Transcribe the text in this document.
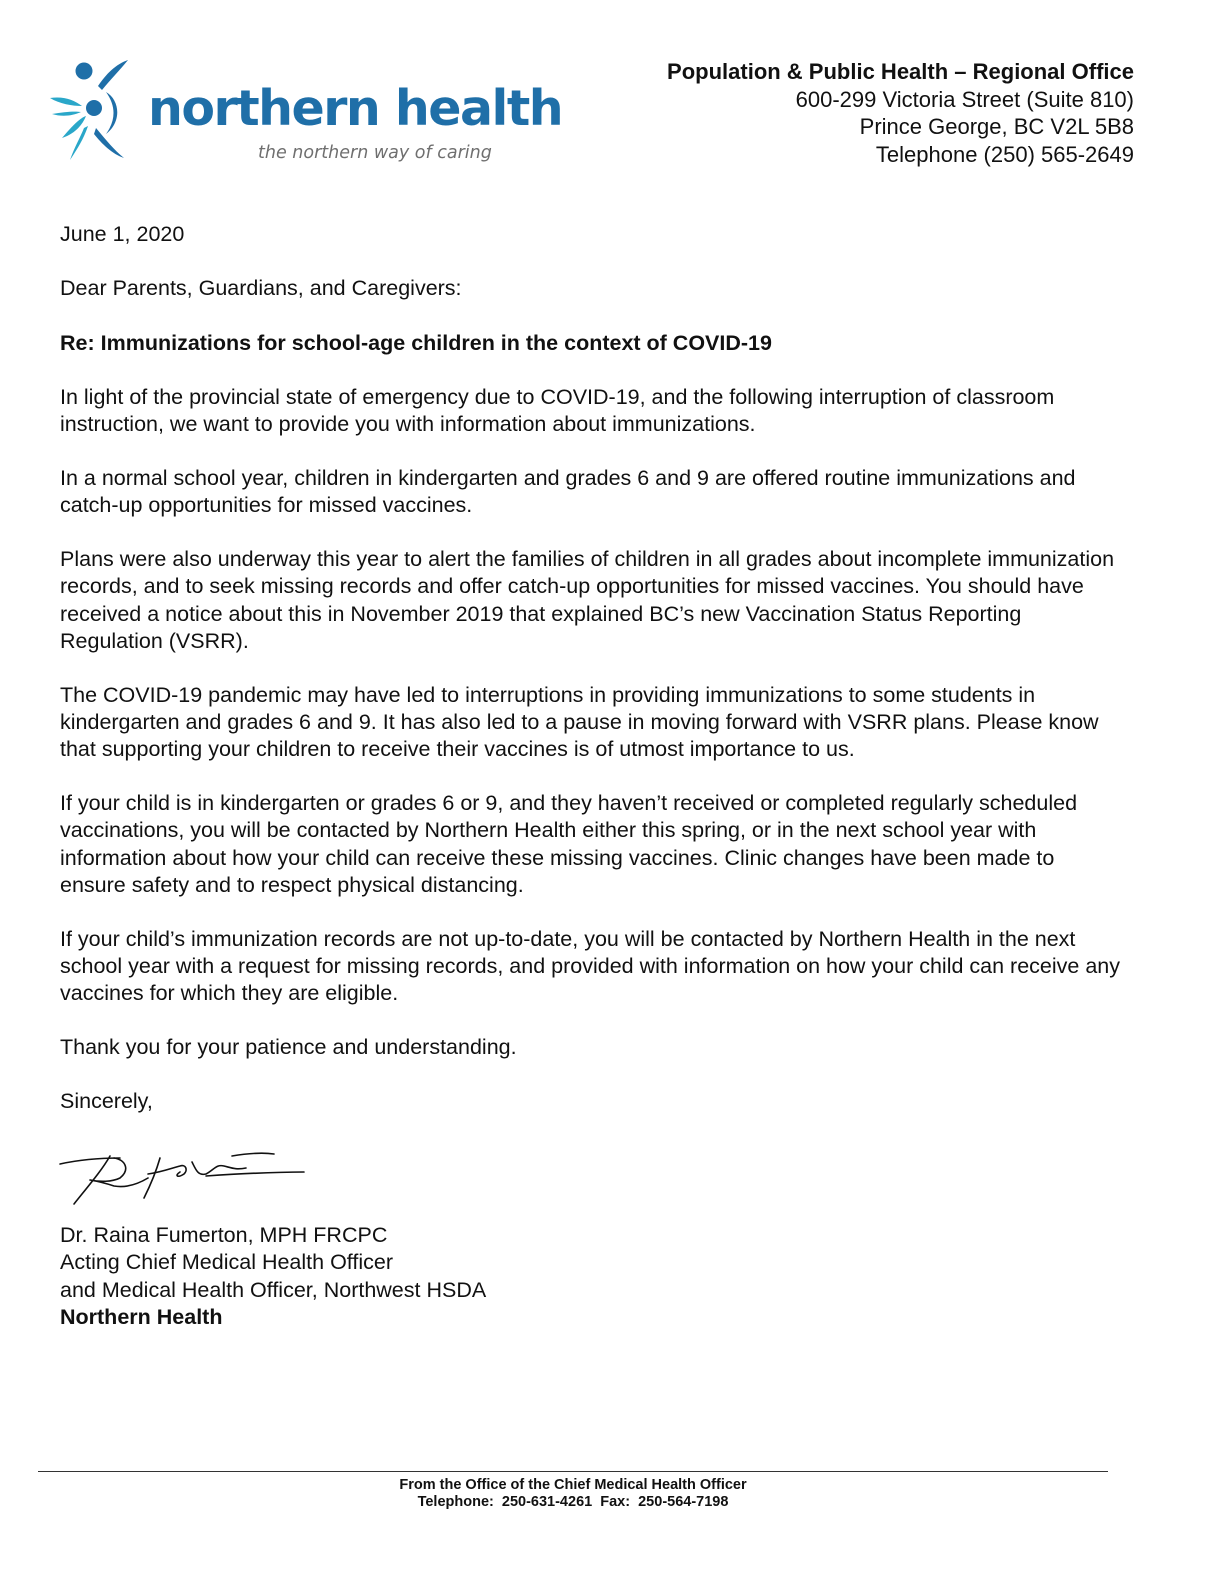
northern health
the northern way of caring
Population & Public Health – Regional Office
600-299 Victoria Street (Suite 810)
Prince George, BC V2L 5B8
Telephone (250) 565-2649

June 1, 2020

Dear Parents, Guardians, and Caregivers:

Re: Immunizations for school-age children in the context of COVID-19

In light of the provincial state of emergency due to COVID-19, and the following interruption of classroom instruction, we want to provide you with information about immunizations.

In a normal school year, children in kindergarten and grades 6 and 9 are offered routine immunizations and catch-up opportunities for missed vaccines.

Plans were also underway this year to alert the families of children in all grades about incomplete immunization records, and to seek missing records and offer catch-up opportunities for missed vaccines. You should have received a notice about this in November 2019 that explained BC’s new Vaccination Status Reporting Regulation (VSRR).

The COVID-19 pandemic may have led to interruptions in providing immunizations to some students in kindergarten and grades 6 and 9. It has also led to a pause in moving forward with VSRR plans. Please know that supporting your children to receive their vaccines is of utmost importance to us.

If your child is in kindergarten or grades 6 or 9, and they haven’t received or completed regularly scheduled vaccinations, you will be contacted by Northern Health either this spring, or in the next school year with information about how your child can receive these missing vaccines. Clinic changes have been made to ensure safety and to respect physical distancing.

If your child’s immunization records are not up-to-date, you will be contacted by Northern Health in the next school year with a request for missing records, and provided with information on how your child can receive any vaccines for which they are eligible.

Thank you for your patience and understanding.

Sincerely,

Dr. Raina Fumerton, MPH FRCPC
Acting Chief Medical Health Officer
and Medical Health Officer, Northwest HSDA
Northern Health
From the Office of the Chief Medical Health Officer
Telephone:  250-631-4261  Fax:  250-564-7198
